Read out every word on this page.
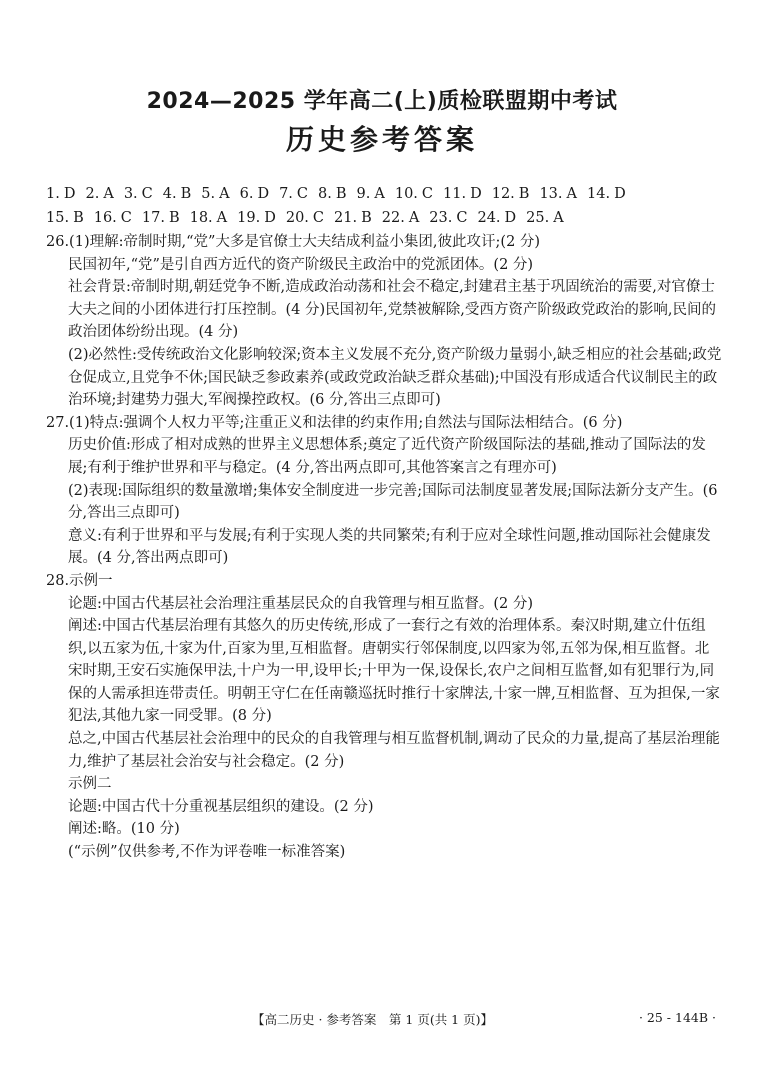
2024—2025 学年高二(上)质检联盟期中考试
历史参考答案
1. D 2. A 3. C 4. B 5. A 6. D 7. C 8. B 9. A 10. C 11. D 12. B 13. A 14. D
15. B 16. C 17. B 18. A 19. D 20. C 21. B 22. A 23. C 24. D 25. A

26.(1)理解:帝制时期,“党”大多是官僚士大夫结成利益小集团,彼此攻讦;(2 分)

民国初年,“党”是引自西方近代的资产阶级民主政治中的党派团体。(2 分)

社会背景:帝制时期,朝廷党争不断,造成政治动荡和社会不稳定,封建君主基于巩固统治的需要,对官僚士大夫之间的小团体进行打压控制。(4 分)民国初年,党禁被解除,受西方资产阶级政党政治的影响,民间的政治团体纷纷出现。(4 分)

(2)必然性:受传统政治文化影响较深;资本主义发展不充分,资产阶级力量弱小,缺乏相应的社会基础;政党仓促成立,且党争不休;国民缺乏参政素养(或政党政治缺乏群众基础);中国没有形成适合代议制民主的政治环境;封建势力强大,军阀操控政权。(6 分,答出三点即可)

27.(1)特点:强调个人权力平等;注重正义和法律的约束作用;自然法与国际法相结合。(6 分)

历史价值:形成了相对成熟的世界主义思想体系;奠定了近代资产阶级国际法的基础,推动了国际法的发展;有利于维护世界和平与稳定。(4 分,答出两点即可,其他答案言之有理亦可)

(2)表现:国际组织的数量激增;集体安全制度进一步完善;国际司法制度显著发展;国际法新分支产生。(6 分,答出三点即可)

意义:有利于世界和平与发展;有利于实现人类的共同繁荣;有利于应对全球性问题,推动国际社会健康发展。(4 分,答出两点即可)

28.示例一

论题:中国古代基层社会治理注重基层民众的自我管理与相互监督。(2 分)

阐述:中国古代基层治理有其悠久的历史传统,形成了一套行之有效的治理体系。秦汉时期,建立什伍组织,以五家为伍,十家为什,百家为里,互相监督。唐朝实行邻保制度,以四家为邻,五邻为保,相互监督。北宋时期,王安石实施保甲法,十户为一甲,设甲长;十甲为一保,设保长,农户之间相互监督,如有犯罪行为,同保的人需承担连带责任。明朝王守仁在任南赣巡抚时推行十家牌法,十家一牌,互相监督、互为担保,一家犯法,其他九家一同受罪。(8 分)

总之,中国古代基层社会治理中的民众的自我管理与相互监督机制,调动了民众的力量,提高了基层治理能力,维护了基层社会治安与社会稳定。(2 分)

示例二

论题:中国古代十分重视基层组织的建设。(2 分)

阐述:略。(10 分)

(“示例”仅供参考,不作为评卷唯一标准答案)

【高二历史 · 参考答案　第 1 页(共 1 页)】	· 25 - 144B ·
